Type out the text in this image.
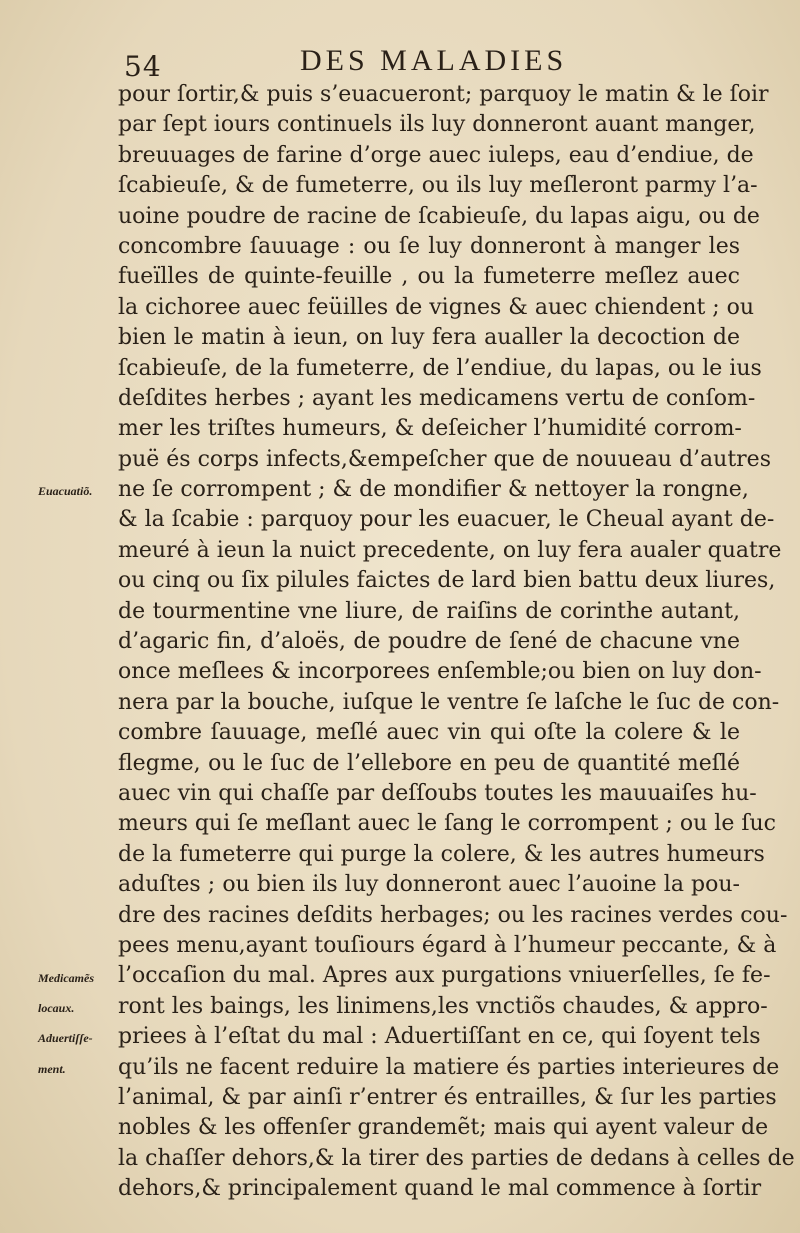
54	DES MALADIES
pour ſortir,& puis s’euacueront; parquoy le matin & le ſoir
par ſept iours continuels ils luy donneront auant manger,
breuuages de farine d’orge auec iuleps, eau d’endiue, de
ſcabieuſe, & de fumeterre, ou ils luy meſleront parmy l’a-
uoine poudre de racine de ſcabieuſe, du lapas aigu, ou de
concombre ſauuage : ou ſe luy donneront à manger les
fueïlles de quinte-feuille , ou la fumeterre meſlez auec
la cichoree auec feüilles de vignes & auec chiendent ; ou
bien le matin à ieun, on luy fera aualler la decoction de
ſcabieuſe, de la fumeterre, de l’endiue, du lapas, ou le ius
deſdites herbes ; ayant les medicamens vertu de conſom-
mer les triſtes humeurs, & deſeicher l’humidité corrom-
puë és corps infects,&empeſcher que de nouueau d’autres
ne ſe corrompent ; & de mondifier & nettoyer la rongne,
& la ſcabie : parquoy pour les euacuer, le Cheual ayant de-
meuré à ieun la nuict precedente, on luy fera aualer quatre
ou cinq ou ſix pilules faictes de lard bien battu deux liures,
de tourmentine vne liure, de raiſins de corinthe autant,
d’agaric fin, d’aloës, de poudre de ſené de chacune vne
once meſlees & incorporees enſemble;ou bien on luy don-
nera par la bouche, iuſque le ventre ſe laſche le ſuc de con-
combre ſauuage, meſlé auec vin qui oſte la colere & le
flegme, ou le ſuc de l’ellebore en peu de quantité meſlé
auec vin qui chaſſe par deſſoubs toutes les mauuaiſes hu-
meurs qui ſe meſlant auec le ſang le corrompent ; ou le ſuc
de la fumeterre qui purge la colere, & les autres humeurs
aduſtes ; ou bien ils luy donneront auec l’auoine la pou-
dre des racines deſdits herbages; ou les racines verdes cou-
pees menu,ayant touſiours égard à l’humeur peccante, & à
l’occaſion du mal. Apres aux purgations vniuerſelles, ſe fe-
ront les baings, les linimens,les vnctiõs chaudes, & appro-
priees à l’eſtat du mal : Aduertiſſant en ce, qui ſoyent tels
qu’ils ne facent reduire la matiere és parties interieures de
l’animal, & par ainſi r’entrer és entrailles, & ſur les parties
nobles & les offenſer grandemẽt; mais qui ayent valeur de
la chaſſer dehors,& la tirer des parties de dedans à celles de
dehors,& principalement quand le mal commence à ſortir
Euacuatiõ.
Medicamẽs
locaux.
Aduertiſſe-
ment.
